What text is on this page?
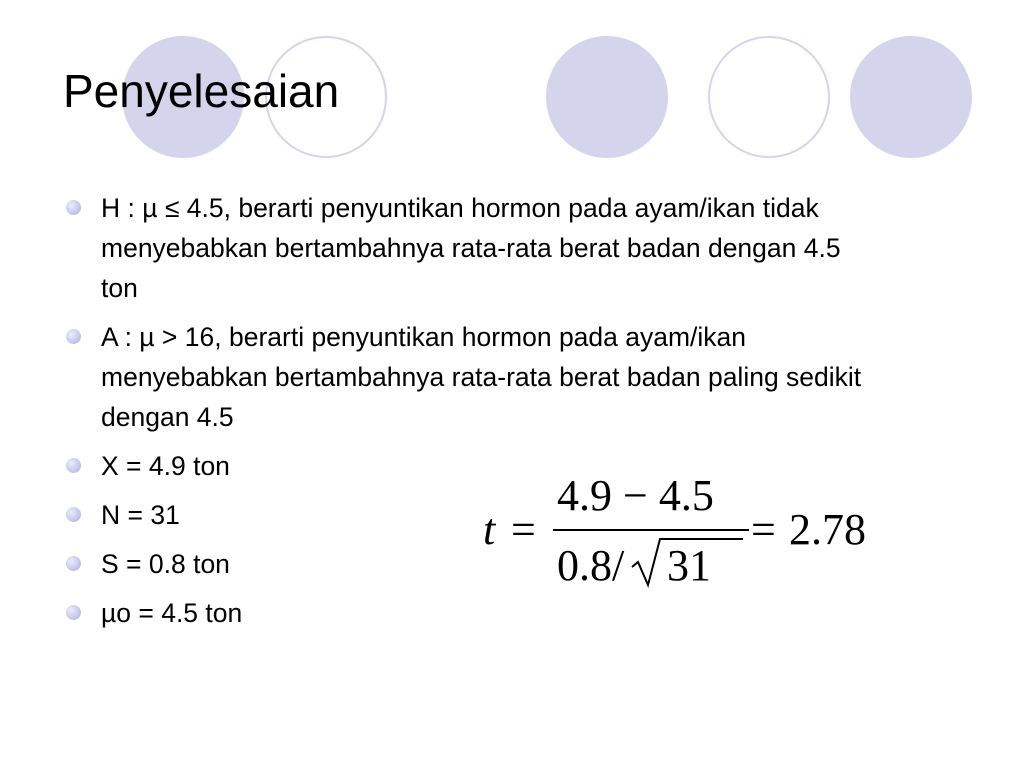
Penyelesaian
H : µ ≤ 4.5, berarti penyuntikan hormon pada ayam/ikan tidak menyebabkan bertambahnya rata-rata berat badan dengan 4.5 ton
A : µ > 16, berarti penyuntikan hormon pada ayam/ikan menyebabkan bertambahnya rata-rata berat badan paling sedikit dengan 4.5
X = 4.9 ton
N = 31
S = 0.8 ton
µo = 4.5 ton
t =
4.9 − 4.5
0.8/ 31
= 2.78
